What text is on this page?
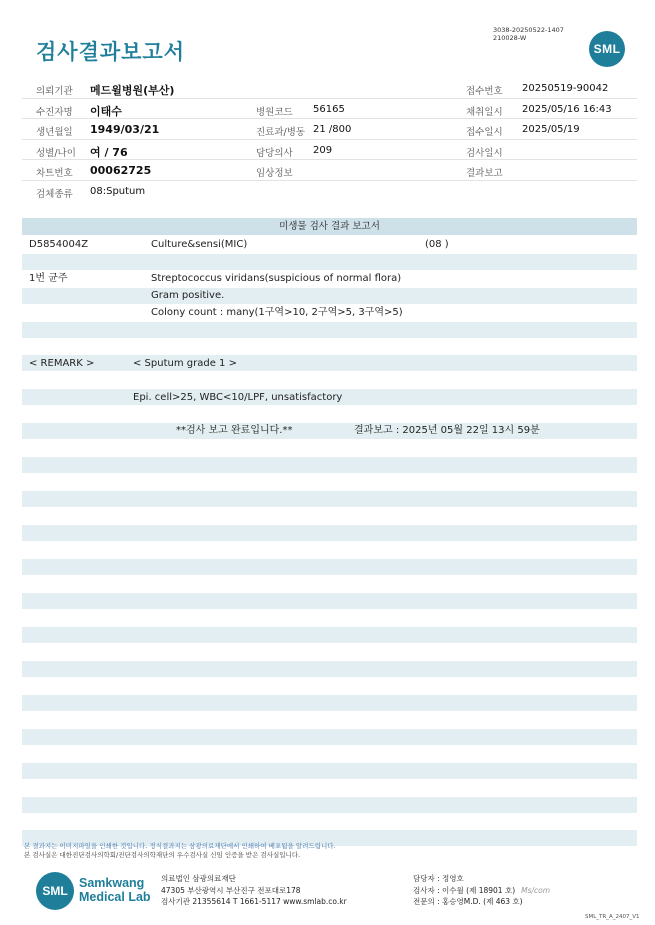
검사결과보고서
3038-20250522-1407
210028-W
SML
의뢰기관 메드윌병원(부산)	접수번호 20250519-90042
수진자명 이태수	병원코드 56165	채취일시 2025/05/16 16:43
생년월일 1949/03/21	진료과/병동 21 /800	접수일시 2025/05/19
성별/나이 여 / 76	담당의사 209	검사일시
차트번호 00062725	임상정보	결과보고
검체종류 08:Sputum
미생물 검사 결과 보고서
D5854004Z	Culture&sensi(MIC)	(08 )
1번 균주	Streptococcus viridans(suspicious of normal flora)
Gram positive.
Colony count : many(1구역>10, 2구역>5, 3구역>5)
< REMARK >	< Sputum grade 1 >
Epi. cell>25, WBC<10/LPF, unsatisfactory
**검사 보고 완료입니다.**	결과보고 : 2025년 05월 22일 13시 59분
본 결과지는 이미지파일을 인쇄한 것입니다. 정식결과지는 삼광의료재단에서 인쇄하여 배포됨을 알려드립니다.
본 검사실은 대한진단검사의학회/진단검사의학재단의 우수검사실 신임 인증을 받은 검사실입니다.
SML
Samkwang
Medical Lab
의료법인 삼광의료재단
47305 부산광역시 부산진구 전포대로178
검사기관 21355614 T 1661-5117 www.smlab.co.kr
담당자 : 정영호
검사자 : 이수월 (제 18901 호) Ms/com
전문의 : 홍승영M.D. (제 463 호)
SML_TR_A_2407_V1
